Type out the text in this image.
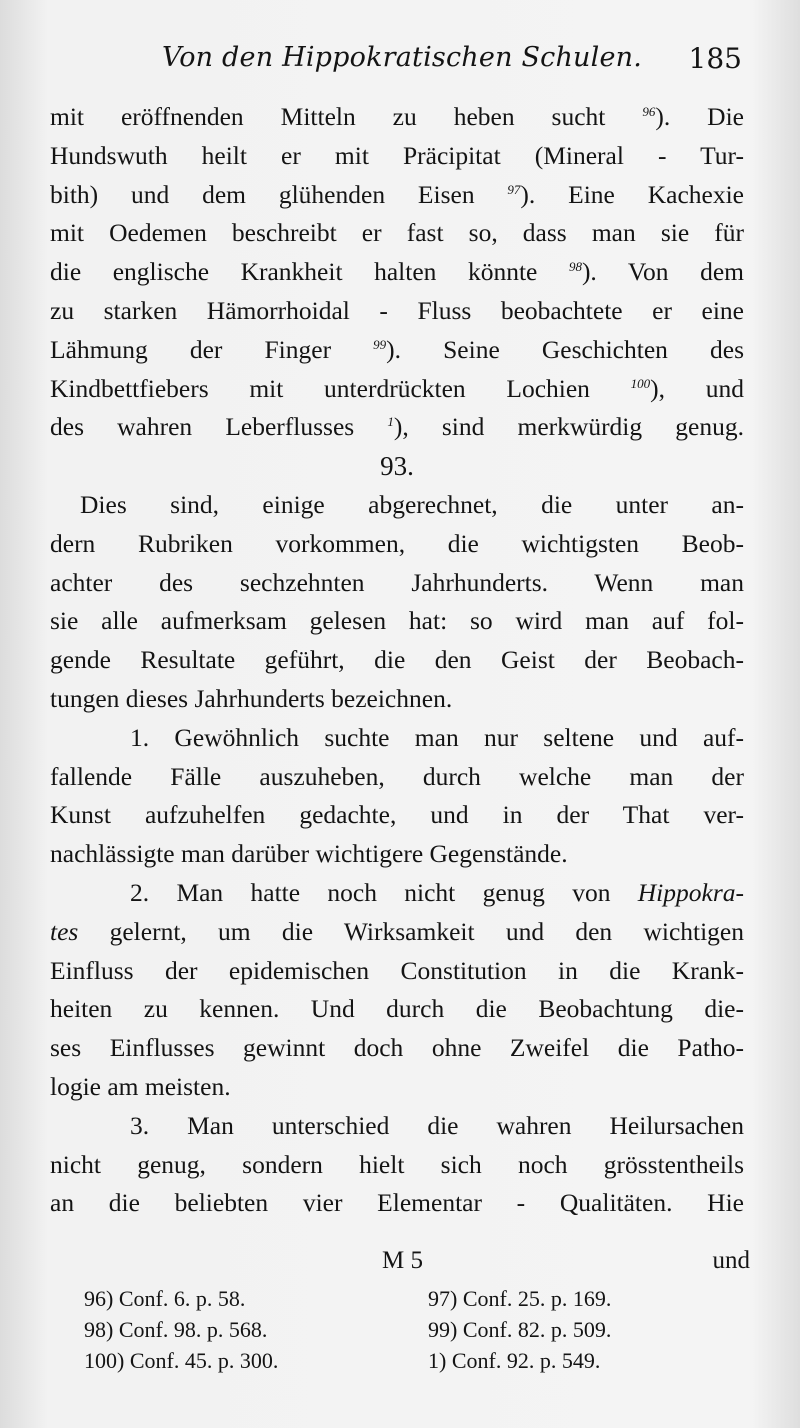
Von den Hippokratischen Schulen. 185
mit eröffnenden Mitteln zu heben sucht $^{96}$). Die
Hundswuth heilt er mit Präcipitat (Mineral - Tur-
bith) und dem glühenden Eisen $^{97}$). Eine Kachexie
mit Oedemen beschreibt er fast so, dass man sie für
die englische Krankheit halten könnte $^{98}$). Von dem
zu starken Hämorrhoidal - Fluss beobachtete er eine
Lähmung der Finger $^{99}$). Seine Geschichten des
Kindbettfiebers mit unterdrückten Lochien $^{100}$), und
des wahren Leberflusses $^1$), sind merkwürdig genug.
93.
Dies sind, einige abgerechnet, die unter an-
dern Rubriken vorkommen, die wichtigsten Beob-
achter des sechzehnten Jahrhunderts. Wenn man
sie alle aufmerksam gelesen hat: so wird man auf fol-
gende Resultate geführt, die den Geist der Beobach-
tungen dieses Jahrhunderts bezeichnen.
1. Gewöhnlich suchte man nur seltene und auf-
fallende Fälle auszuheben, durch welche man der
Kunst aufzuhelfen gedachte, und in der That ver-
nachlässigte man darüber wichtigere Gegenstände.
2. Man hatte noch nicht genug von Hippokra-
tes gelernt, um die Wirksamkeit und den wichtigen
Einfluss der epidemischen Constitution in die Krank-
heiten zu kennen. Und durch die Beobachtung die-
ses Einflusses gewinnt doch ohne Zweifel die Patho-
logie am meisten.
3. Man unterschied die wahren Heilursachen
nicht genug, sondern hielt sich noch grösstentheils
an die beliebten vier Elementar - Qualitäten. Hie
M 5	und
96) Conf. 6. p. 58.	97) Conf. 25. p. 169.
98) Conf. 98. p. 568.	99) Conf. 82. p. 509.
100) Conf. 45. p. 300.	1) Conf. 92. p. 549.
